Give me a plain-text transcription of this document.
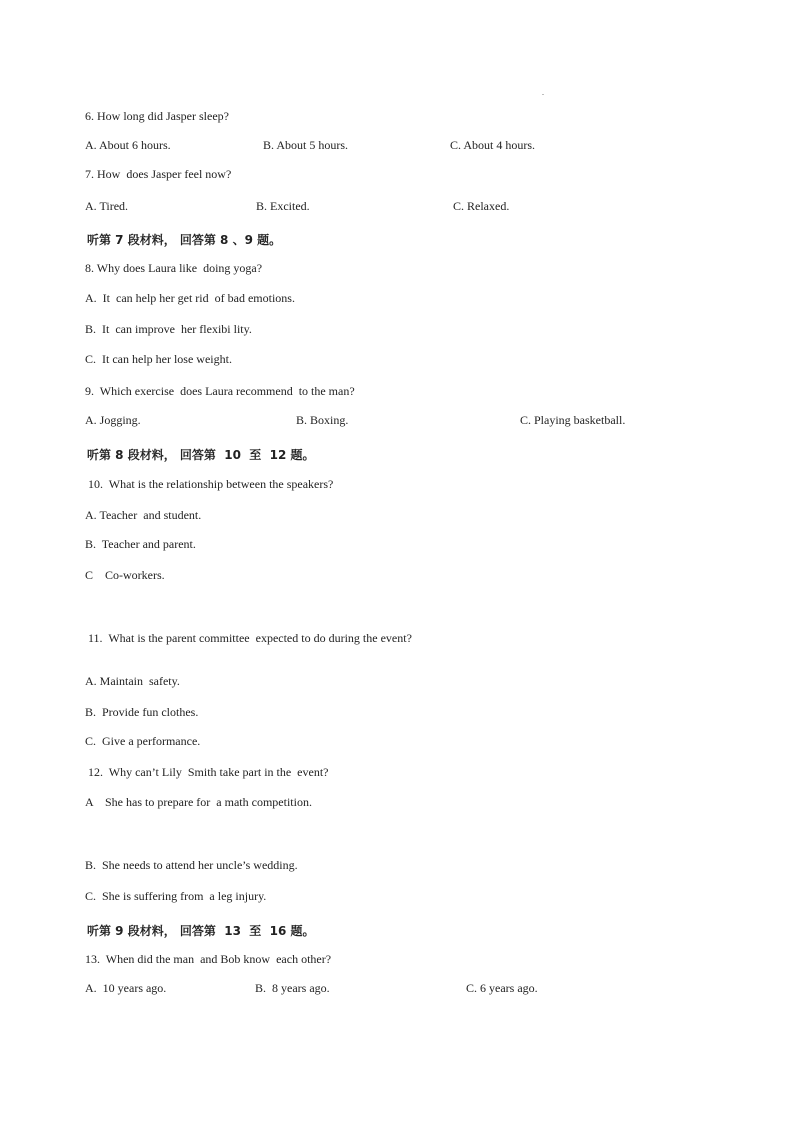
.
6. How long did Jasper sleep?
A. About 6 hours.	B. About 5 hours.	C. About 4 hours.
7. How  does Jasper feel now?
A. Tired.	B. Excited.	C. Relaxed.
听第 7 段材料， 回答第 8 、9 题。
8. Why does Laura like  doing yoga?
A.  It  can help her get rid  of bad emotions.
B.  It  can improve  her flexibi lity.
C.  It can help her lose weight.
9.  Which exercise  does Laura recommend  to the man?
A. Jogging.	B. Boxing.	C. Playing basketball.
听第 8 段材料， 回答第  10  至  12 题。
10.  What is the relationship between the speakers?
A. Teacher  and student.
B.  Teacher and parent.
C    Co-workers.
11.  What is the parent committee  expected to do during the event?
A. Maintain  safety.
B.  Provide fun clothes.
C.  Give a performance.
12.  Why can’t Lily  Smith take part in the  event?
A    She has to prepare for  a math competition.
B.  She needs to attend her uncle’s wedding.
C.  She is suffering from  a leg injury.
听第 9 段材料， 回答第  13  至  16 题。
13.  When did the man  and Bob know  each other?
A.  10 years ago.	B.  8 years ago.	C. 6 years ago.
